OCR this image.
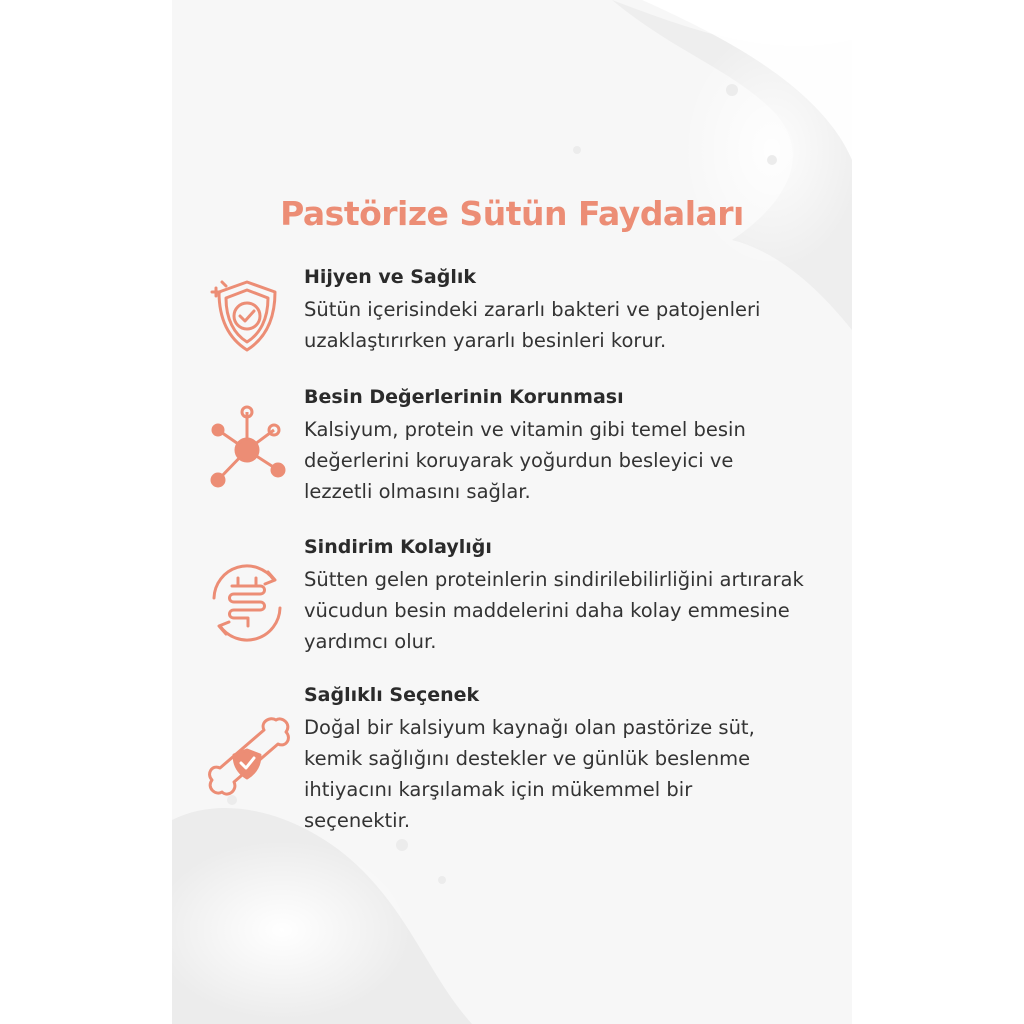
Pastörize Sütün Faydaları

Hijyen ve Sağlık

Sütün içerisindeki zararlı bakteri ve patojenleri
uzaklaştırırken yararlı besinleri korur.

Besin Değerlerinin Korunması

Kalsiyum, protein ve vitamin gibi temel besin
değerlerini koruyarak yoğurdun besleyici ve
lezzetli olmasını sağlar.

Sindirim Kolaylığı

Sütten gelen proteinlerin sindirilebilirliğini artırarak
vücudun besin maddelerini daha kolay emmesine
yardımcı olur.

Sağlıklı Seçenek

Doğal bir kalsiyum kaynağı olan pastörize süt,
kemik sağlığını destekler ve günlük beslenme
ihtiyacını karşılamak için mükemmel bir
seçenektir.
